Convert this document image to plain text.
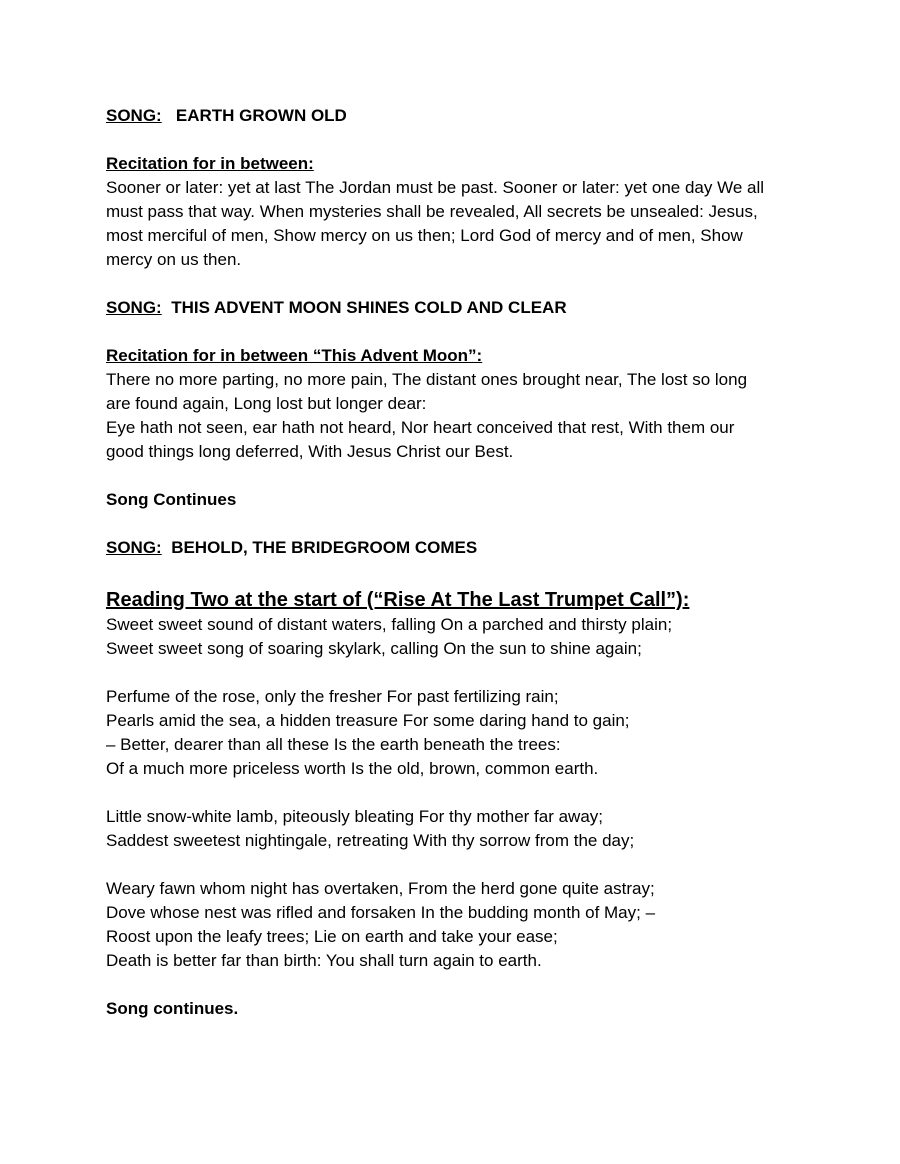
SONG: EARTH GROWN OLD

Recitation for in between:

Sooner or later: yet at last The Jordan must be past. Sooner or later: yet one day We all

must pass that way. When mysteries shall be revealed, All secrets be unsealed: Jesus,

most merciful of men, Show mercy on us then; Lord God of mercy and of men, Show

mercy on us then.

SONG: THIS ADVENT MOON SHINES COLD AND CLEAR

Recitation for in between “This Advent Moon”:

There no more parting, no more pain, The distant ones brought near, The lost so long

are found again, Long lost but longer dear:

Eye hath not seen, ear hath not heard, Nor heart conceived that rest, With them our

good things long deferred, With Jesus Christ our Best.

Song Continues

SONG: BEHOLD, THE BRIDEGROOM COMES

Reading Two at the start of (“Rise At The Last Trumpet Call”):

Sweet sweet sound of distant waters, falling On a parched and thirsty plain;

Sweet sweet song of soaring skylark, calling On the sun to shine again;

Perfume of the rose, only the fresher For past fertilizing rain;

Pearls amid the sea, a hidden treasure For some daring hand to gain;

– Better, dearer than all these Is the earth beneath the trees:

Of a much more priceless worth Is the old, brown, common earth.

Little snow-white lamb, piteously bleating For thy mother far away;

Saddest sweetest nightingale, retreating With thy sorrow from the day;

Weary fawn whom night has overtaken, From the herd gone quite astray;

Dove whose nest was rifled and forsaken In the budding month of May; –

Roost upon the leafy trees; Lie on earth and take your ease;

Death is better far than birth: You shall turn again to earth.

Song continues.
